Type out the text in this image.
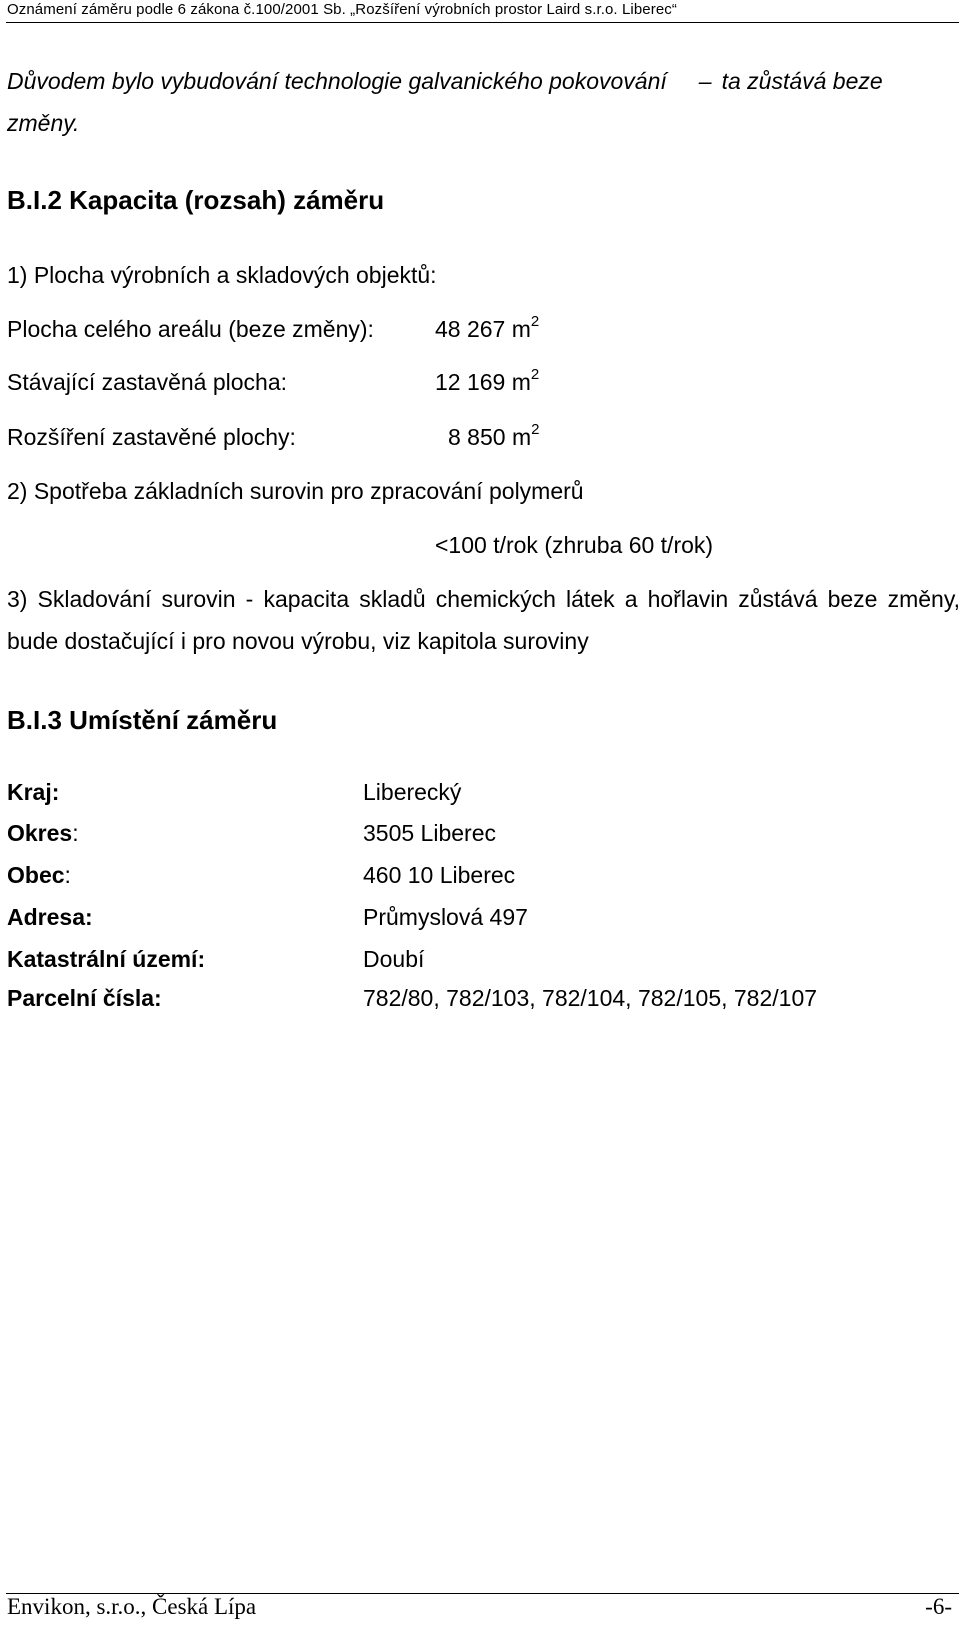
Oznámení záměru podle 6 zákona č.100/2001 Sb. „Rozšíření výrobních prostor Laird s.r.o. Liberec“
Důvodem bylo vybudování technologie galvanického pokovování – ta zůstává beze změny.
B.I.2 Kapacita (rozsah) záměru
1) Plocha výrobních a skladových objektů:
Plocha celého areálu (beze změny):	48 267 $m^2$
Stávající zastavěná plocha:	12 169 $m^2$
Rozšíření zastavěné plochy:	8 850 $m^2$
2) Spotřeba základních surovin pro zpracování polymerů
<100 t/rok (zhruba 60 t/rok)
3) Skladování surovin - kapacita skladů chemických látek a hořlavin zůstává beze změny, bude dostačující i pro novou výrobu, viz kapitola suroviny
B.I.3 Umístění záměru
Kraj:	Liberecký
Okres:	3505 Liberec
Obec:	460 10 Liberec
Adresa:	Průmyslová 497
Katastrální území:	Doubí
Parcelní čísla:	782/80, 782/103, 782/104, 782/105, 782/107
Envikon, s.r.o., Česká Lípa	-6-
